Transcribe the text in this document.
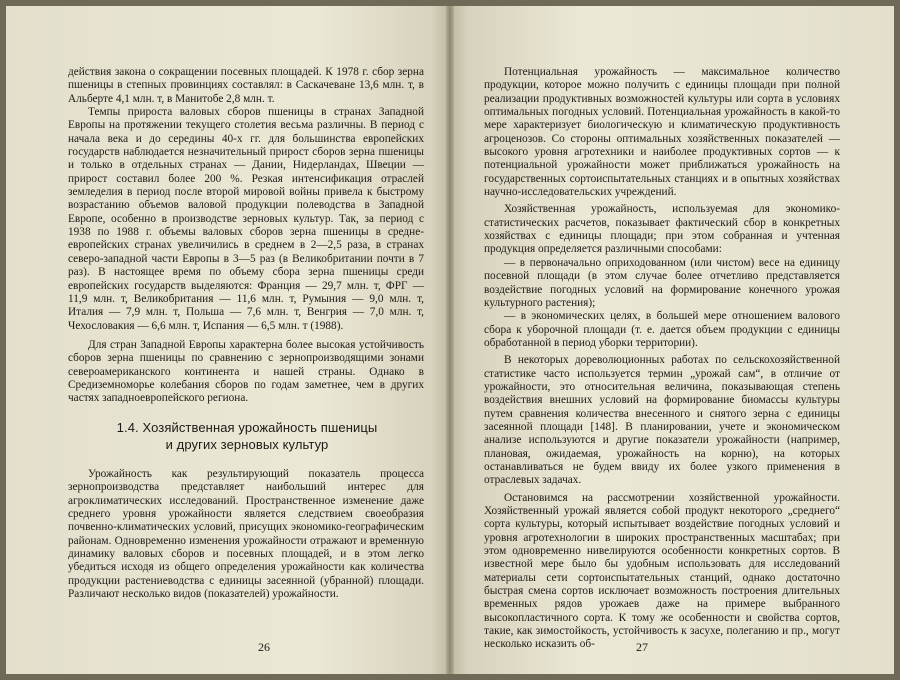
действия закона о сокращении посевных площадей. К 1978 г. сбор зерна пшеницы в степных провинциях составлял: в Саскачеване 13,6 млн. т, в Альберте 4,1 млн. т, в Манитобе 2,8 млн. т.

Темпы прироста валовых сборов пшеницы в странах Западной Европы на протяжении текущего столетия весьма различны. В период с начала века и до середины 40-х гг. для большинства европейских государств наблюдается незначительный прирост сборов зерна пшеницы и только в отдельных странах — Дании, Нидерландах, Швеции — прирост составил более 200 %. Резкая интенсификация отраслей земледелия в период после второй мировой войны привела к быстрому возрастанию объемов валовой продукции полеводства в Западной Европе, особенно в производстве зерновых культур. Так, за период с 1938 по 1988 г. объемы валовых сборов зерна пшеницы в средне-европейских странах увеличились в среднем в 2—2,5 раза, в странах северо-западной части Европы в 3—5 раз (в Великобритании почти в 7 раз). В настоящее время по объему сбора зерна пшеницы среди европейских государств выделяются: Франция — 29,7 млн. т, ФРГ — 11,9 млн. т, Великобритания — 11,6 млн. т, Румыния — 9,0 млн. т, Италия — 7,9 млн. т, Польша — 7,6 млн. т, Венгрия — 7,0 млн. т, Чехословакия — 6,6 млн. т, Испания — 6,5 млн. т (1988).

Для стран Западной Европы характерна более высокая устойчивость сборов зерна пшеницы по сравнению с зернопроизводящими зонами североамериканского континента и нашей страны. Однако в Средиземноморье колебания сборов по годам заметнее, чем в других частях западноевропейского региона.

1.4. Хозяйственная урожайность пшеницы
и других зерновых культур

Урожайность как результирующий показатель процесса зернопроизводства представляет наибольший интерес для агроклиматических исследований. Пространственное изменение даже среднего уровня урожайности является следствием своеобразия почвенно-климатических условий, присущих экономико-географическим районам. Одновременно изменения урожайности отражают и временную динамику валовых сборов и посевных площадей, и в этом легко убедиться исходя из общего определения урожайности как количества продукции растениеводства с единицы засеянной (убранной) площади. Различают несколько видов (показателей) урожайности.

26

Потенциальная урожайность — максимальное количество продукции, которое можно получить с единицы площади при полной реализации продуктивных возможностей культуры или сорта в условиях оптимальных погодных условий. Потенциальная урожайность в какой-то мере характеризует биологическую и климатическую продуктивность агроценозов. Со стороны оптимальных хозяйственных показателей — высокого уровня агротехники и наиболее продуктивных сортов — к потенциальной урожайности может приближаться урожайность на государственных сортоиспытательных станциях и в опытных хозяйствах научно-исследовательских учреждений.

Хозяйственная урожайность, используемая для экономико-статистических расчетов, показывает фактический сбор в конкретных хозяйствах с единицы площади; при этом собранная и учтенная продукция определяется различными способами:

— в первоначально оприходованном (или чистом) весе на единицу посевной площади (в этом случае более отчетливо представляется воздействие погодных условий на формирование конечного урожая культурного растения);

— в экономических целях, в большей мере отношением валового сбора к уборочной площади (т. е. дается объем продукции с единицы обработанной в период уборки территории).

В некоторых дореволюционных работах по сельскохозяйственной статистике часто используется термин „урожай сам“, в отличие от урожайности, это относительная величина, показывающая степень воздействия внешних условий на формирование биомассы культуры путем сравнения количества внесенного и снятого зерна с единицы засеянной площади [148]. В планировании, учете и экономическом анализе используются и другие показатели урожайности (например, плановая, ожидаемая, урожайность на корню), на которых останавливаться не будем ввиду их более узкого применения в отраслевых задачах.

Остановимся на рассмотрении хозяйственной урожайности. Хозяйственный урожай является собой продукт некоторого „среднего“ сорта культуры, который испытывает воздействие погодных условий и уровня агротехнологии в широких пространственных масштабах; при этом одновременно нивелируются особенности конкретных сортов. В известной мере было бы удобным использовать для исследований материалы сети сортоиспытательных станций, однако достаточно быстрая смена сортов исключает возможность построения длительных временных рядов урожаев даже на примере выбранного высокопластичного сорта. К тому же особенности и свойства сортов, такие, как зимостойкость, устойчивость к засухе, полеганию и пр., могут несколько исказить об-	27
